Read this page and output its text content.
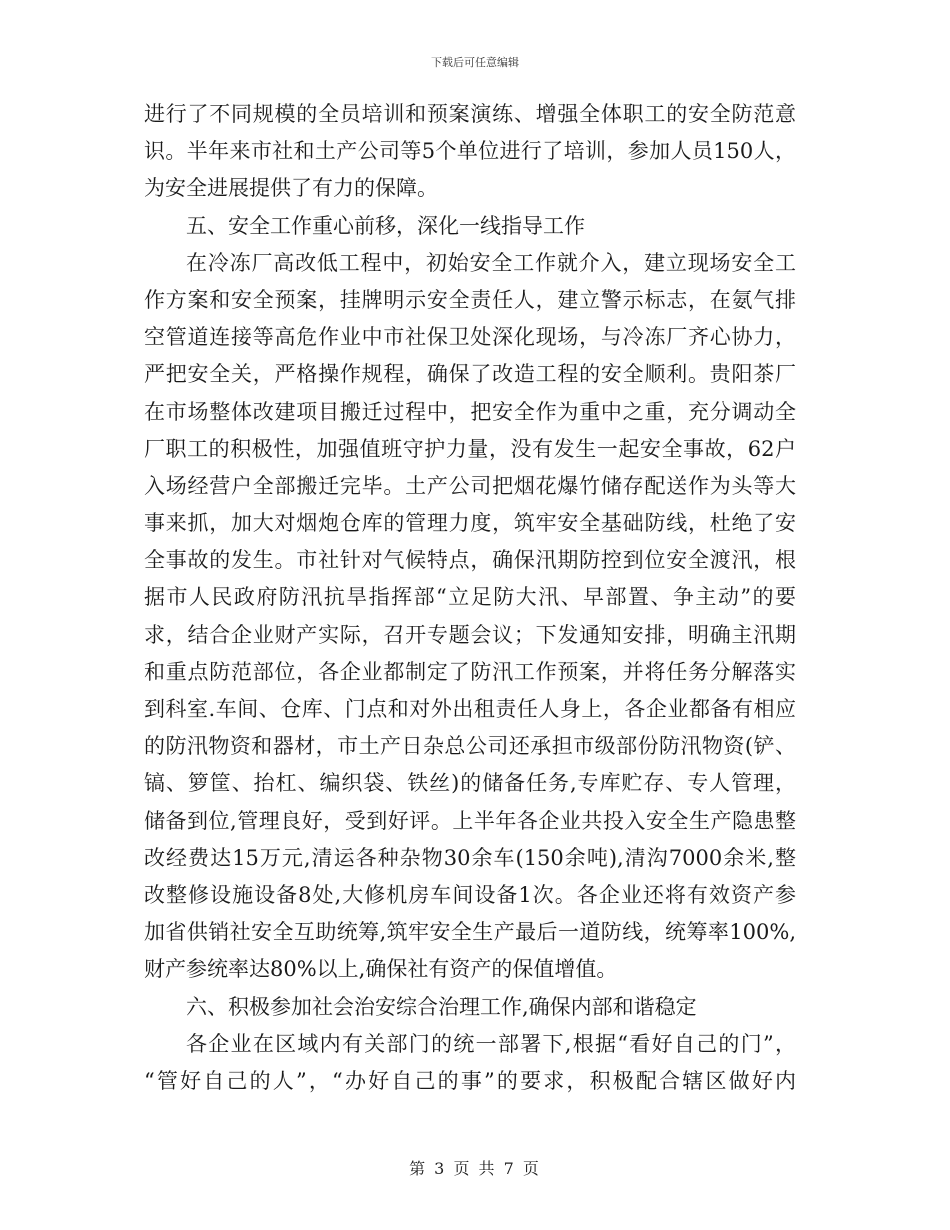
下载后可任意编辑
进行了不同规模的全员培训和预案演练、增强全体职工的安全防范意
识。半年来市社和土产公司等5个单位进行了培训，参加人员150人，
为安全进展提供了有力的保障。
五、安全工作重心前移，深化一线指导工作
在冷冻厂高改低工程中，初始安全工作就介入，建立现场安全工
作方案和安全预案，挂牌明示安全责任人，建立警示标志，在氨气排
空管道连接等高危作业中市社保卫处深化现场，与冷冻厂齐心协力，
严把安全关，严格操作规程，确保了改造工程的安全顺利。贵阳茶厂
在市场整体改建项目搬迁过程中，把安全作为重中之重，充分调动全
厂职工的积极性，加强值班守护力量，没有发生一起安全事故，62户
入场经营户全部搬迁完毕。土产公司把烟花爆竹储存配送作为头等大
事来抓，加大对烟炮仓库的管理力度，筑牢安全基础防线，杜绝了安
全事故的发生。市社针对气候特点，确保汛期防控到位安全渡汛，根
据市人民政府防汛抗旱指挥部“立足防大汛、早部置、争主动”的要
求，结合企业财产实际，召开专题会议；下发通知安排，明确主汛期
和重点防范部位，各企业都制定了防汛工作预案，并将任务分解落实
到科室.车间、仓库、门点和对外出租责任人身上，各企业都备有相应
的防汛物资和器材，市土产日杂总公司还承担市级部份防汛物资(铲、
镐、箩筐、抬杠、编织袋、铁丝)的储备任务,专库贮存、专人管理，
储备到位,管理良好，受到好评。上半年各企业共投入安全生产隐患整
改经费达15万元,清运各种杂物30余车(150余吨),清沟7000余米,整
改整修设施设备8处,大修机房车间设备1次。各企业还将有效资产参
加省供销社安全互助统筹,筑牢安全生产最后一道防线，统筹率100%,
财产参统率达80%以上,确保社有资产的保值增值。
六、积极参加社会治安综合治理工作,确保内部和谐稳定
各企业在区域内有关部门的统一部署下,根据“看好自己的门”，
“管好自己的人”，“办好自己的事”的要求，积极配合辖区做好内
第 3 页 共 7 页
